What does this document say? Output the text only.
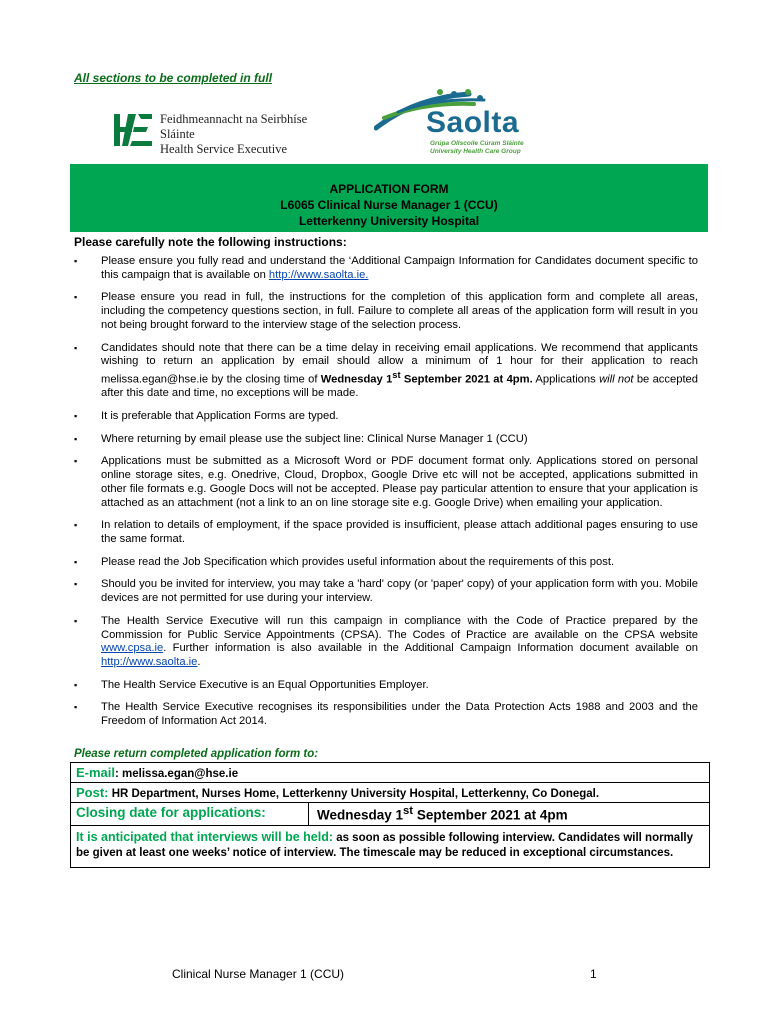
All sections to be completed in full
Feidhmeannacht na Seirbhíse Sláinte
Health Service Executive
Saolta
Grúpa Ollscoile Cúram Sláinte
University Health Care Group
APPLICATION FORM
L6065 Clinical Nurse Manager 1 (CCU)
Letterkenny University Hospital
Please carefully note the following instructions:
▪ Please ensure you fully read and understand the ‘Additional Campaign Information for Candidates document specific to this campaign that is available on http://www.saolta.ie.
▪ Please ensure you read in full, the instructions for the completion of this application form and complete all areas, including the competency questions section, in full. Failure to complete all areas of the application form will result in you not being brought forward to the interview stage of the selection process.
▪ Candidates should note that there can be a time delay in receiving email applications. We recommend that applicants wishing to return an application by email should allow a minimum of 1 hour for their application to reach melissa.egan@hse.ie by the closing time of Wednesday 1st September 2021 at 4pm. Applications will not be accepted after this date and time, no exceptions will be made.
▪ It is preferable that Application Forms are typed.
▪ Where returning by email please use the subject line: Clinical Nurse Manager 1 (CCU)
▪ Applications must be submitted as a Microsoft Word or PDF document format only. Applications stored on personal online storage sites, e.g. Onedrive, Cloud, Dropbox, Google Drive etc will not be accepted, applications submitted in other file formats e.g. Google Docs will not be accepted. Please pay particular attention to ensure that your application is attached as an attachment (not a link to an on line storage site e.g. Google Drive) when emailing your application.
▪ In relation to details of employment, if the space provided is insufficient, please attach additional pages ensuring to use the same format.
▪ Please read the Job Specification which provides useful information about the requirements of this post.
▪ Should you be invited for interview, you may take a 'hard' copy (or 'paper' copy) of your application form with you. Mobile devices are not permitted for use during your interview.
▪ The Health Service Executive will run this campaign in compliance with the Code of Practice prepared by the Commission for Public Service Appointments (CPSA). The Codes of Practice are available on the CPSA website www.cpsa.ie. Further information is also available in the Additional Campaign Information document available on http://www.saolta.ie.
▪ The Health Service Executive is an Equal Opportunities Employer.
▪ The Health Service Executive recognises its responsibilities under the Data Protection Acts 1988 and 2003 and the Freedom of Information Act 2014.
Please return completed application form to:
E-mail: melissa.egan@hse.ie
Post: HR Department, Nurses Home, Letterkenny University Hospital, Letterkenny, Co Donegal.
Closing date for applications:	Wednesday 1st September 2021 at 4pm
It is anticipated that interviews will be held: as soon as possible following interview. Candidates will normally be given at least one weeks’ notice of interview. The timescale may be reduced in exceptional circumstances.
Clinical Nurse Manager 1 (CCU)	1
